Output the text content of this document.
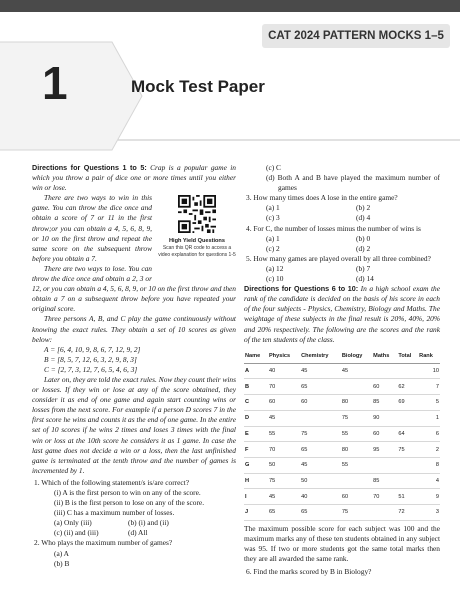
CAT 2024 PATTERN MOCKS 1–5
1	Mock Test Paper

Directions for Questions 1 to 5: Crap is a popular game in which you throw a pair of dice one or more times until you either win or lose.

High Yield Questions
Scan this QR code to access a video explanation for questions 1-5

There are two ways to win in this game. You can throw the dice once and obtain a score of 7 or 11 in the first throw;or you can obtain a 4, 5, 6, 8, 9, or 10 on the first throw and repeat the same score on the subsequent throw before you obtain a 7.

There are two ways to lose. You can throw the dice once and obtain a 2, 3 or 12, or you can obtain a 4, 5, 6, 8, 9, or 10 on the first throw and then obtain a 7 on a subsequent throw before you have repeated your original score.

Three persons A, B, and C play the game continuously without knowing the exact rules. They obtain a set of 10 scores as given below:

A = [6, 4, 10, 9, 8, 6, 7, 12, 9, 2]

B = [8, 5, 7, 12, 6, 3, 2, 9, 8, 3]

C = [2, 7, 3, 12, 7, 6, 5, 4, 6, 3]

Later on, they are told the exact rules. Now they count their wins or losses. If they win or lose at any of the score obtained, they consider it as end of one game and again start counting wins or losses from the next score. For example if a person D scores 7 in the first score he wins and counts it as the end of one game. In the entire set of 10 scores if he wins 2 times and loses 3 times with the final win or loss at the 10th score he considers it as 1 game. In case the last game does not decide a win or a loss, then the last unfinished game is terminated at the tenth throw and the number of games is incremented by 1.

1. Which of the following statement/s is/are correct?

(i) A is the first person to win on any of the score.

(ii) B is the first person to lose on any of the score.

(iii) C has a maximum number of losses.

(a) Only (iii)	(b) (i) and (ii)
(c) (ii) and (iii)	(d) All

2. Who plays the maximum number of games?

(a) A

(b) B

(c) C

(d) Both A and B have played the maximum number of games

3. How many times does A lose in the entire game?

(a) 1	(b) 2
(c) 3	(d) 4

4. For C, the number of losses minus the number of wins is

(a) 1	(b) 0
(c) 2	(d) 2

5. How many games are played overall by all three combined?

(a) 12	(b) 7
(c) 10	(d) 14

Directions for Questions 6 to 10: In a high school exam the rank of the candidate is decided on the basis of his score in each of the four subjects - Physics, Chemistry, Biology and Maths. The weightage of these subjects in the final result is 20%, 40%, 20% and 20% respectively. The following are the scores and the rank of the ten students of the class.

Name	Physics	Chemistry	Biology	Maths	Total	Rank
A	40	45	45			10
B	70	65		60	62	7
C	60	60	80	85	69	5
D	45		75	90		1
E	55	75	55	60	64	6
F	70	65	80	95	75	2
G	50	45	55			8
H	75	50		85		4
I	45	40	60	70	51	9
J	65	65	75		72	3

The maximum possible score for each subject was 100 and the maximum marks any of these ten students obtained in any subject was 95. If two or more students got the same total marks then they are all awarded the same rank.

6. Find the marks scored by B in Biology?
